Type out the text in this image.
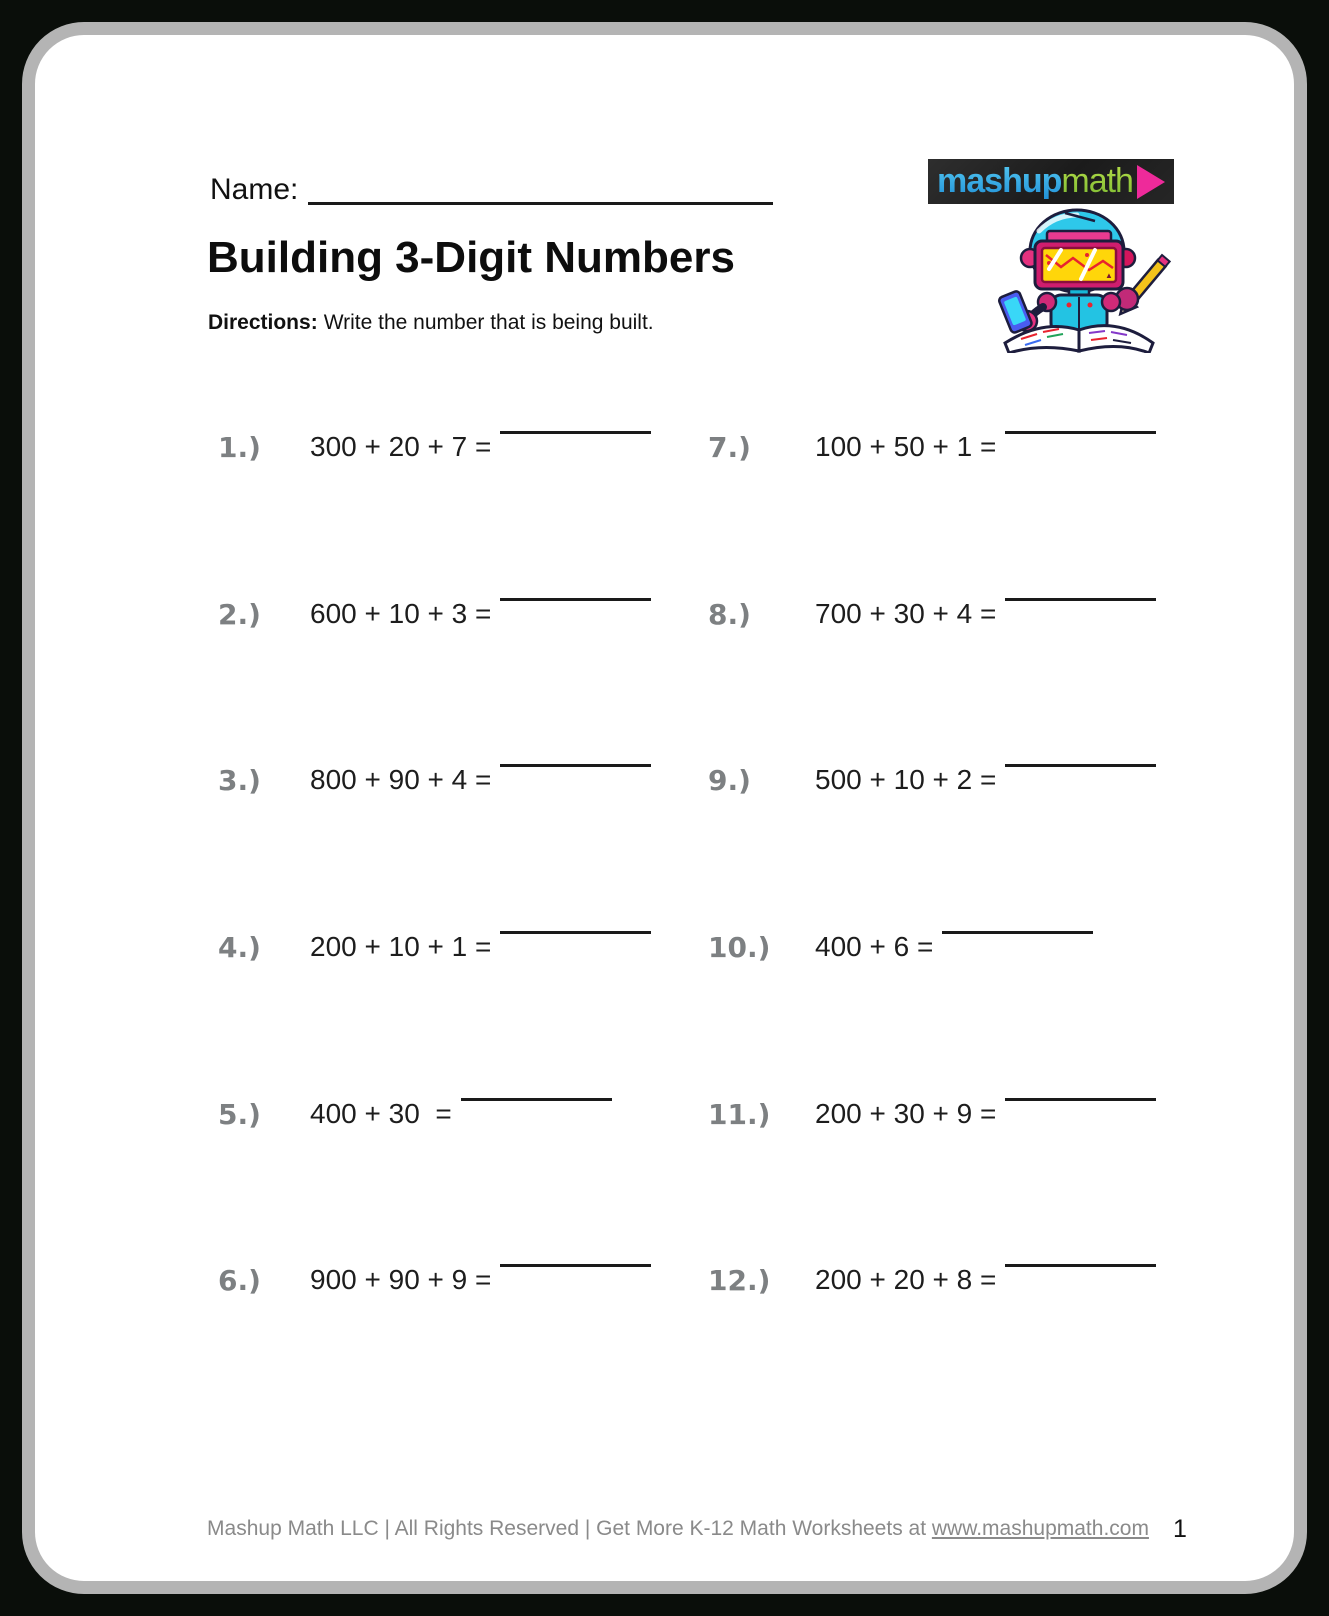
Name:	mashup math
▲
Building 3-Digit Numbers
Directions: Write the number that is being built.
1.)	300 + 20 + 7 =
2.)	600 + 10 + 3 =
3.)	800 + 90 + 4 =
4.)	200 + 10 + 1 =
5.)	400 + 30  =
6.)	900 + 90 + 9 =
7.)	100 + 50 + 1 =
8.)	700 + 30 + 4 =
9.)	500 + 10 + 2 =
10.)	400 + 6 =
11.)	200 + 30 + 9 =
12.)	200 + 20 + 8 =
Mashup Math LLC | All Rights Reserved | Get More K-12 Math Worksheets at www.mashupmath.com 1
